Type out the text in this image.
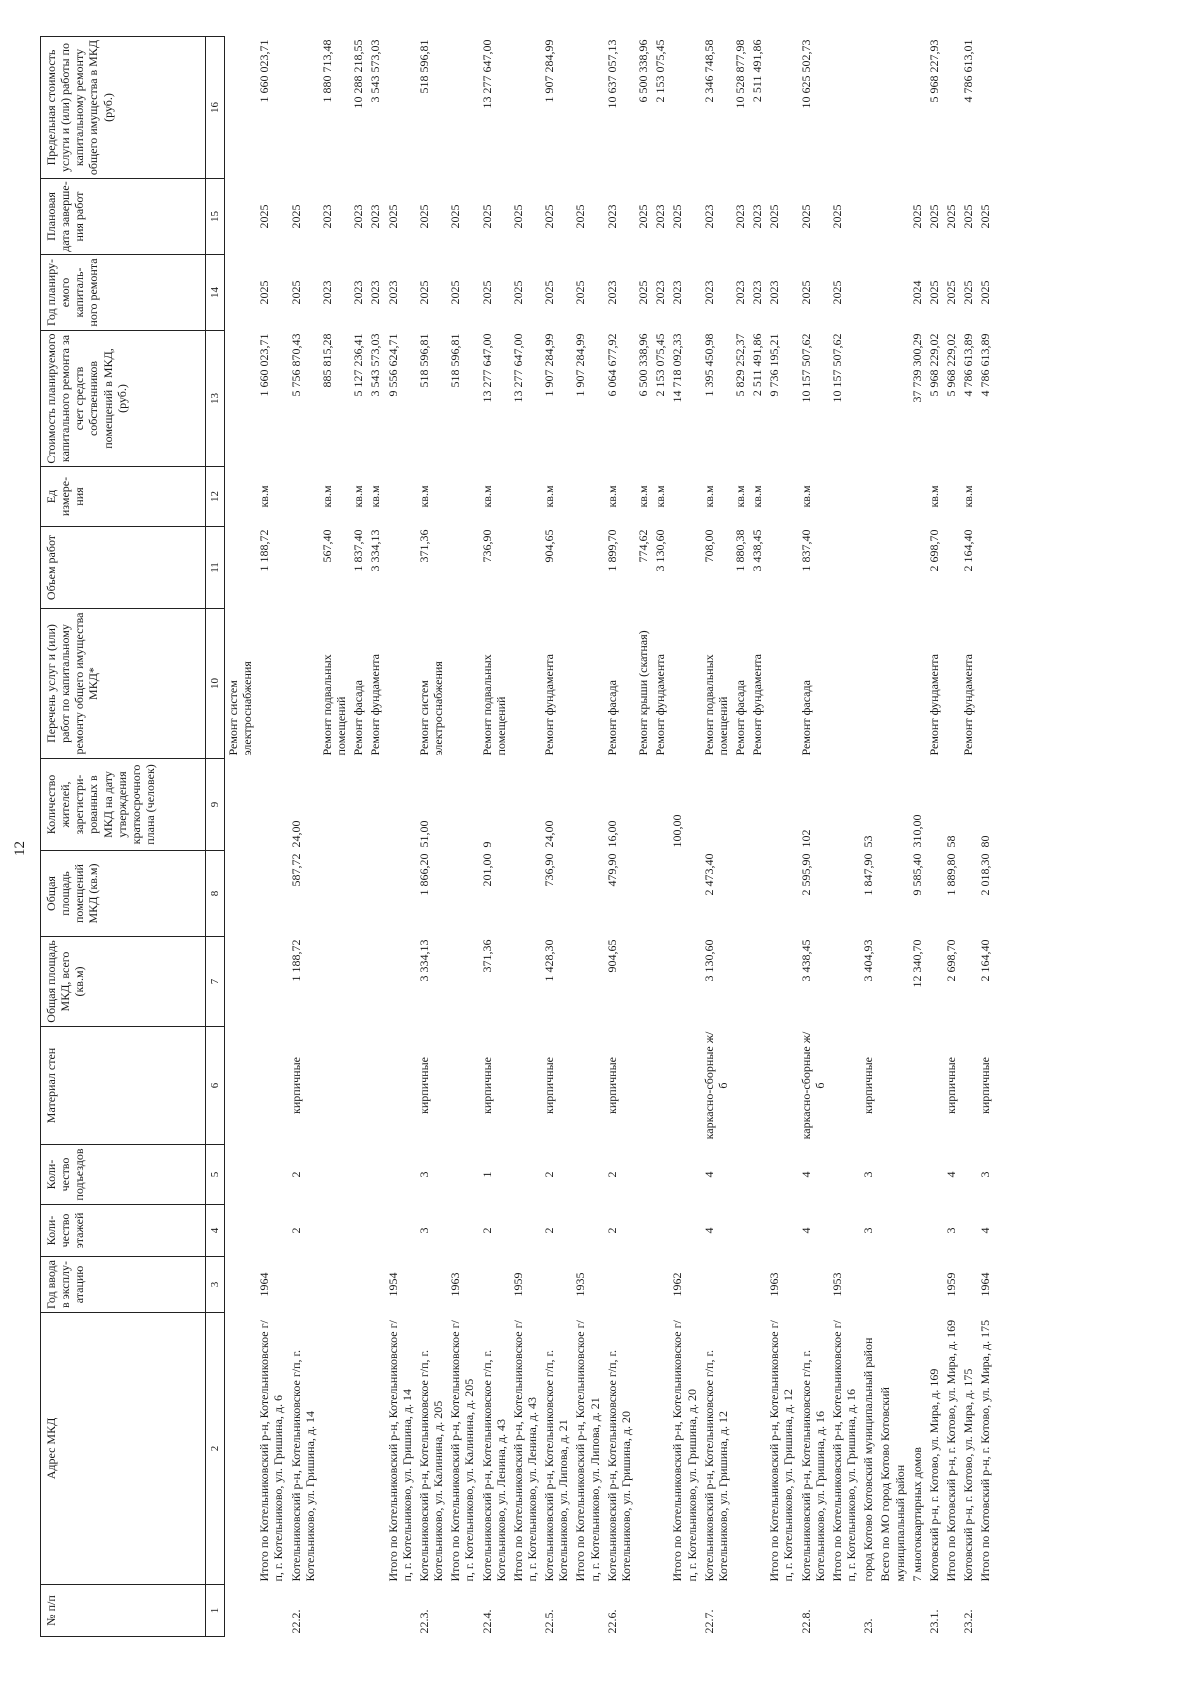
12
№ п/п	Адрес МКД	Год ввода в эксплу-атацию	Коли-чество этажей	Коли-чество подъездов	Материал стен	Общая площадь МКД, всего (кв.м)	Общая площадь помещений МКД (кв.м)	Количество жителей, зарегистри-рованных в МКД на дату утверждения краткосрочного плана (человек)	Перечень услуг и (или) работ по капитальному ремонту общего имущества МКД*	Объем работ	Ед измере-ния	Стоимость планируемого капитального ремонта за счет средств собственников помещений в МКД, (руб.)	Год планиру-емого капиталь-ного ремонта	Плановая дата заверше-ния работ	Предельная стоимость услуги и (или) работы по капитальному ремонту общего имущества в МКД (руб.)
1	2	3	4	5	6	7	8	9	10	11	12	13	14	15	16
									Ремонт систем электроснабжения						
	Итого по Котельниковский р-н, Котельниковское г/п, г. Котельниково, ул. Гришина, д. 6	1964								1 188,72	кв.м	1 660 023,71	2025	2025	1 660 023,71
22.2.	Котельниковский р-н, Котельниковское г/п, г. Котельниково, ул. Гришина, д. 14		2	2	кирпичные	1 188,72	587,72	24,00				5 756 870,43	2025	2025	
									Ремонт подвальных помещений	567,40	кв.м	885 815,28	2023	2023	1 880 713,48
									Ремонт фасада	1 837,40	кв.м	5 127 236,41	2023	2023	10 288 218,55
									Ремонт фундамента	3 334,13	кв.м	3 543 573,03	2023	2023	3 543 573,03
	Итого по Котельниковский р-н, Котельниковское г/п, г. Котельниково, ул. Гришина, д. 14	1954										9 556 624,71	2023	2025	
22.3.	Котельниковский р-н, Котельниковское г/п, г. Котельниково, ул. Калинина, д. 205		3	3	кирпичные	3 334,13	1 866,20	51,00	Ремонт систем электроснабжения	371,36	кв.м	518 596,81	2025	2025	518 596,81
	Итого по Котельниковский р-н, Котельниковское г/п, г. Котельниково, ул. Калинина, д. 205	1963										518 596,81	2025	2025	
22.4.	Котельниковский р-н, Котельниковское г/п, г. Котельниково, ул. Ленина, д. 43		2	1	кирпичные	371,36	201,00	9	Ремонт подвальных помещений	736,90	кв.м	13 277 647,00	2025	2025	13 277 647,00
	Итого по Котельниковский р-н, Котельниковское г/п, г. Котельниково, ул. Ленина, д. 43	1959										13 277 647,00	2025	2025	
22.5.	Котельниковский р-н, Котельниковское г/п, г. Котельниково, ул. Липова, д. 21		2	2	кирпичные	1 428,30	736,90	24,00	Ремонт фундамента	904,65	кв.м	1 907 284,99	2025	2025	1 907 284,99
	Итого по Котельниковский р-н, Котельниковское г/п, г. Котельниково, ул. Липова, д. 21	1935										1 907 284,99	2025	2025	
22.6.	Котельниковский р-н, Котельниковское г/п, г. Котельниково, ул. Гришина, д. 20		2	2	кирпичные	904,65	479,90	16,00	Ремонт фасада	1 899,70	кв.м	6 064 677,92	2023	2023	10 637 057,13
									Ремонт крыши (скатная)	774,62	кв.м	6 500 338,96	2025	2025	6 500 338,96
									Ремонт фундамента	3 130,60	кв.м	2 153 075,45	2023	2023	2 153 075,45
	Итого по Котельниковский р-н, Котельниковское г/п, г. Котельниково, ул. Гришина, д. 20	1962						100,00				14 718 092,33	2023	2025	
22.7.	Котельниковский р-н, Котельниковское г/п, г. Котельниково, ул. Гришина, д. 12		4	4	каркасно-сборные ж/б	3 130,60	2 473,40		Ремонт подвальных помещений	708,00	кв.м	1 395 450,98	2023	2023	2 346 748,58
									Ремонт фасада	1 880,38	кв.м	5 829 252,37	2023	2023	10 528 877,98
									Ремонт фундамента	3 438,45	кв.м	2 511 491,86	2023	2023	2 511 491,86
	Итого по Котельниковский р-н, Котельниковское г/п, г. Котельниково, ул. Гришина, д. 12	1963										9 736 195,21	2023	2025	
22.8.	Котельниковский р-н, Котельниковское г/п, г. Котельниково, ул. Гришина, д. 16		4	4	каркасно-сборные ж/б	3 438,45	2 595,90	102	Ремонт фасада	1 837,40	кв.м	10 157 507,62	2025	2025	10 625 502,73
	Итого по Котельниковский р-н, Котельниковское г/п, г. Котельниково, ул. Гришина, д. 16	1953										10 157 507,62	2025	2025	
23.	город Котово Котовский муниципальный район		3	3	кирпичные	3 404,93	1 847,90	53							
	Всего по МО город Котово Котовский муниципальный район														
	7 многоквартирных домов					12 340,70	9 585,40	310,00				37 739 300,29	2024	2025	
23.1.	Котовский р-н, г. Котово, ул. Мира, д. 169								Ремонт фундамента	2 698,70	кв.м	5 968 229,02	2025	2025	5 968 227,93
	Итого по Котовский р-н, г. Котово, ул. Мира, д. 169	1959	3	4	кирпичные	2 698,70	1 889,80	58				5 968 229,02	2025	2025	
23.2.	Котовский р-н, г. Котово, ул. Мира, д. 175								Ремонт фундамента	2 164,40	кв.м	4 786 613,89	2025	2025	4 786 613,01
	Итого по Котовский р-н, г. Котово, ул. Мира, д. 175	1964	4	3	кирпичные	2 164,40	2 018,30	80				4 786 613,89	2025	2025	
